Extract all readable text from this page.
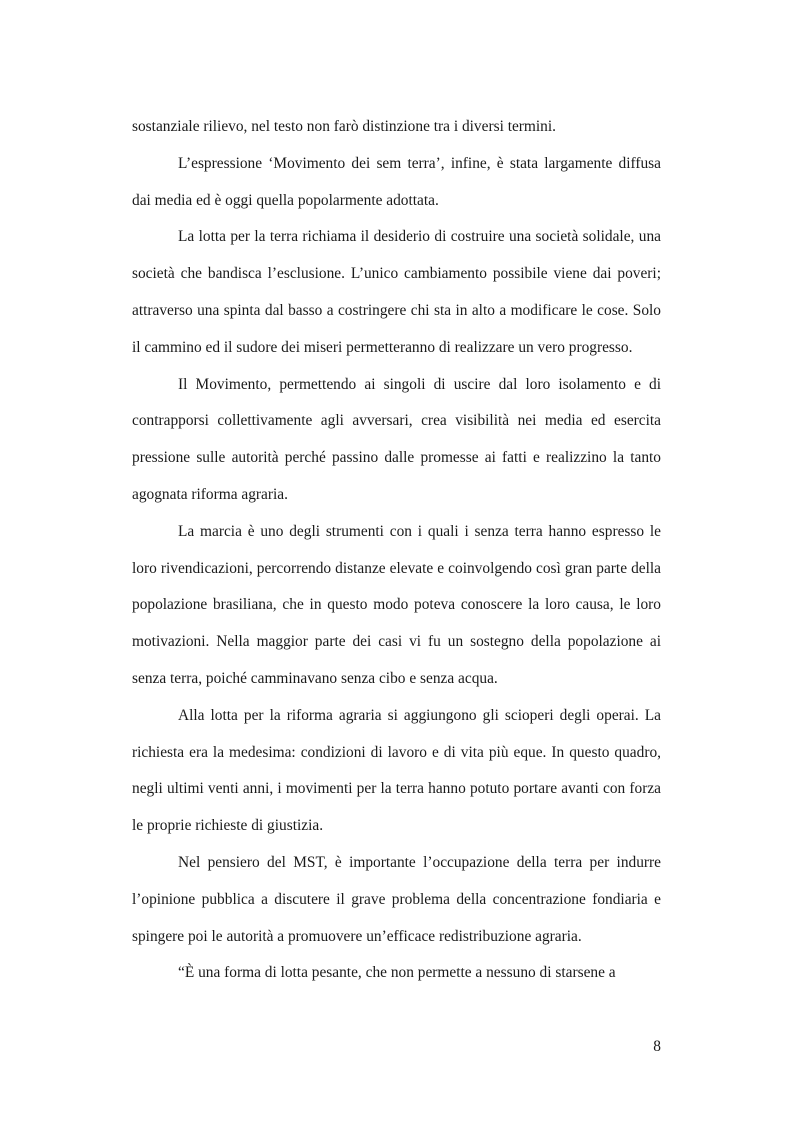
sostanziale rilievo, nel testo non farò distinzione tra i diversi termini.

L’espressione ‘Movimento dei sem terra’, infine, è stata largamente diffusa dai media ed è oggi quella popolarmente adottata.

La lotta per la terra richiama il desiderio di costruire una società solidale, una società che bandisca l’esclusione. L’unico cambiamento possibile viene dai poveri; attraverso una spinta dal basso a costringere chi sta in alto a modificare le cose. Solo il cammino ed il sudore dei miseri permetteranno di realizzare un vero progresso.

Il Movimento, permettendo ai singoli di uscire dal loro isolamento e di contrapporsi collettivamente agli avversari, crea visibilità nei media ed esercita pressione sulle autorità perché passino dalle promesse ai fatti e realizzino la tanto agognata riforma agraria.

La marcia è uno degli strumenti con i quali i senza terra hanno espresso le loro rivendicazioni, percorrendo distanze elevate e coinvolgendo così gran parte della popolazione brasiliana, che in questo modo poteva conoscere la loro causa, le loro motivazioni. Nella maggior parte dei casi vi fu un sostegno della popolazione ai senza terra, poiché camminavano senza cibo e senza acqua.

Alla lotta per la riforma agraria si aggiungono gli scioperi degli operai. La richiesta era la medesima: condizioni di lavoro e di vita più eque. In questo quadro, negli ultimi venti anni, i movimenti per la terra hanno potuto portare avanti con forza le proprie richieste di giustizia.

Nel pensiero del MST, è importante l’occupazione della terra per indurre l’opinione pubblica a discutere il grave problema della concentrazione fondiaria e spingere poi le autorità a promuovere un’efficace redistribuzione agraria.

“È una forma di lotta pesante, che non permette a nessuno di starsene a

8
